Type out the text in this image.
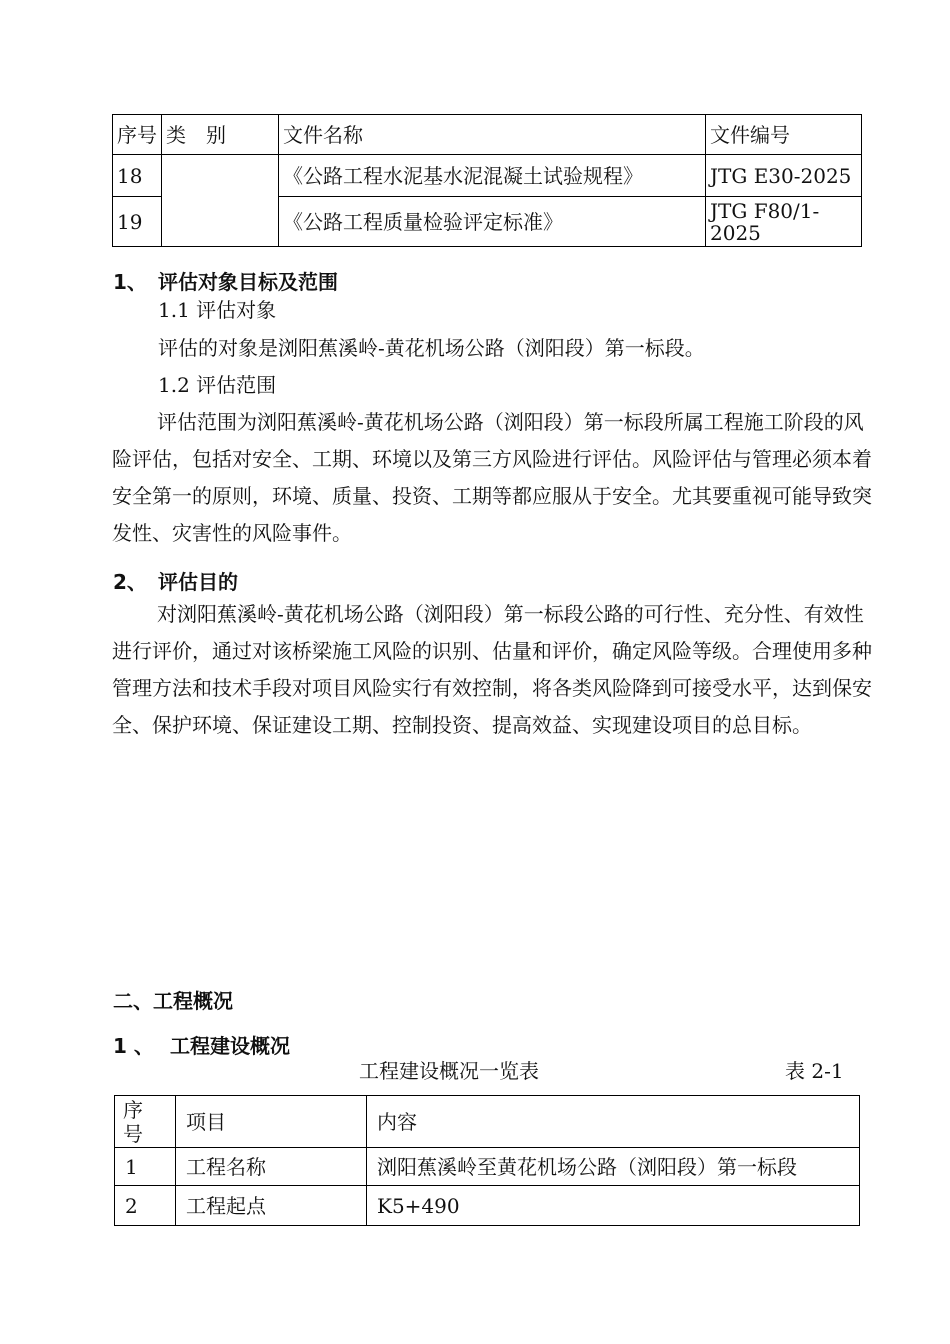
序号	类　别	文件名称	文件编号
18		《公路工程水泥基水泥混凝土试验规程》	JTG E30-2025
19		《公路工程质量检验评定标准》	JTG F80/1-2025
1、 评估对象目标及范围
1.1 评估对象
评估的对象是浏阳蕉溪岭-黄花机场公路（浏阳段）第一标段。
1.2 评估范围

评估范围为浏阳蕉溪岭-黄花机场公路（浏阳段）第一标段所属工程施工阶段的风险评估，包括对安全、工期、环境以及第三方风险进行评估。风险评估与管理必须本着安全第一的原则，环境、质量、投资、工期等都应服从于安全。尤其要重视可能导致突发性、灾害性的风险事件。

2、 评估目的

对浏阳蕉溪岭-黄花机场公路（浏阳段）第一标段公路的可行性、充分性、有效性进行评价，通过对该桥梁施工风险的识别、估量和评价，确定风险等级。合理使用多种管理方法和技术手段对项目风险实行有效控制，将各类风险降到可接受水平，达到保安全、保护环境、保证建设工期、控制投资、提高效益、实现建设项目的总目标。

二、工程概况
1 、 工程建设概况
工程建设概况一览表	表 2-1
序号	项目	内容
1	工程名称	浏阳蕉溪岭至黄花机场公路（浏阳段）第一标段
2	工程起点	K5+490
